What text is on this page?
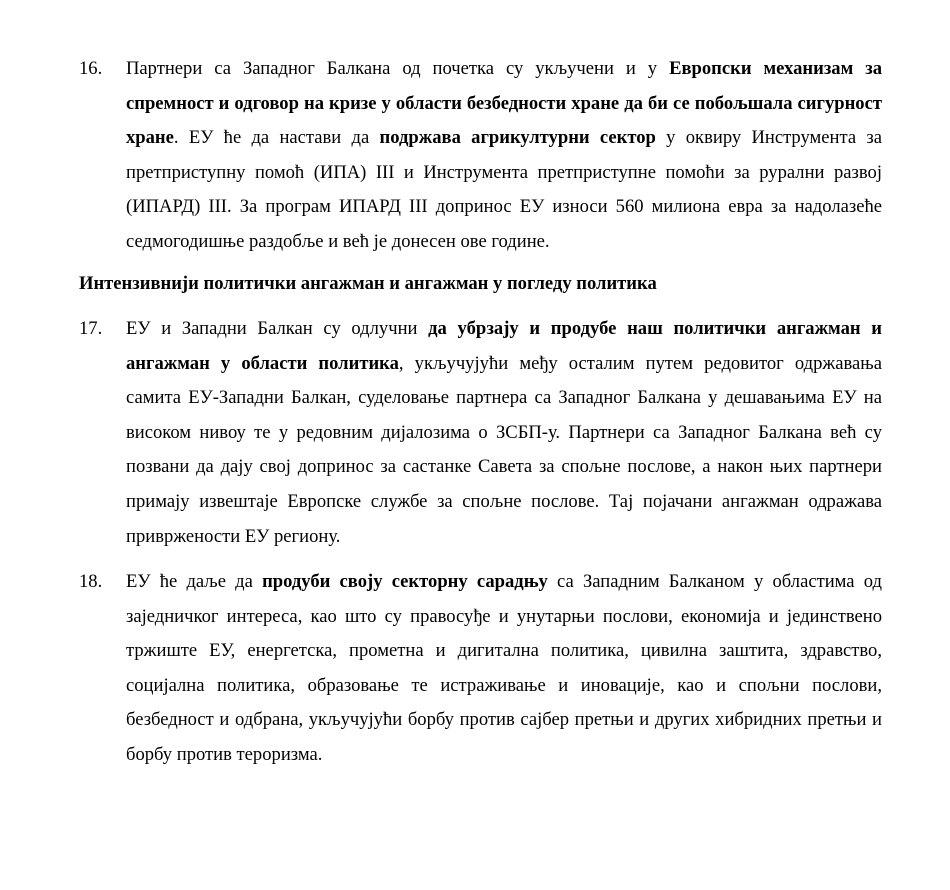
16.	Партнери са Западног Балкана од почетка су укључени и у Европски механизам за спремност и одговор на кризе у области безбедности хране да би се побољшала сигурност хране. ЕУ ће да настави да подржава агрикултурни сектор у оквиру Инструмента за претприступну помоћ (ИПА) III и Инструмента претприступне помоћи за рурални развој (ИПАРД) III. За програм ИПАРД III допринос ЕУ износи 560 милиона евра за надолазеће седмогодишње раздобље и већ је донесен ове године.
Интензивнији политички ангажман и ангажман у погледу политика
17.	ЕУ и Западни Балкан су одлучни да убрзају и продубе наш политички ангажман и ангажман у области политика, укључујући међу осталим путем редовитог одржавања самита ЕУ-Западни Балкан, суделовање партнера са Западног Балкана у дешавањима ЕУ на високом нивоу те у редовним дијалозима о ЗСБП-у. Партнери са Западног Балкана већ су позвани да дају свој допринос за састанке Савета за спољне послове, а након њих партнери примају извештаје Европске службе за спољне послове. Тај појачани ангажман одражава привржености ЕУ региону.
18.	ЕУ ће даље да продуби своју секторну сарадњу са Западним Балканом у областима од заједничког интереса, као што су правосуђе и унутарњи послови, економија и јединствено тржиште ЕУ, енергетска, прометна и дигитална политика, цивилна заштита, здравство, социјална политика, образовање те истраживање и иновације, као и спољни послови, безбедност и одбрана, укључујући борбу против сајбер претњи и других хибридних претњи и борбу против тероризма.
